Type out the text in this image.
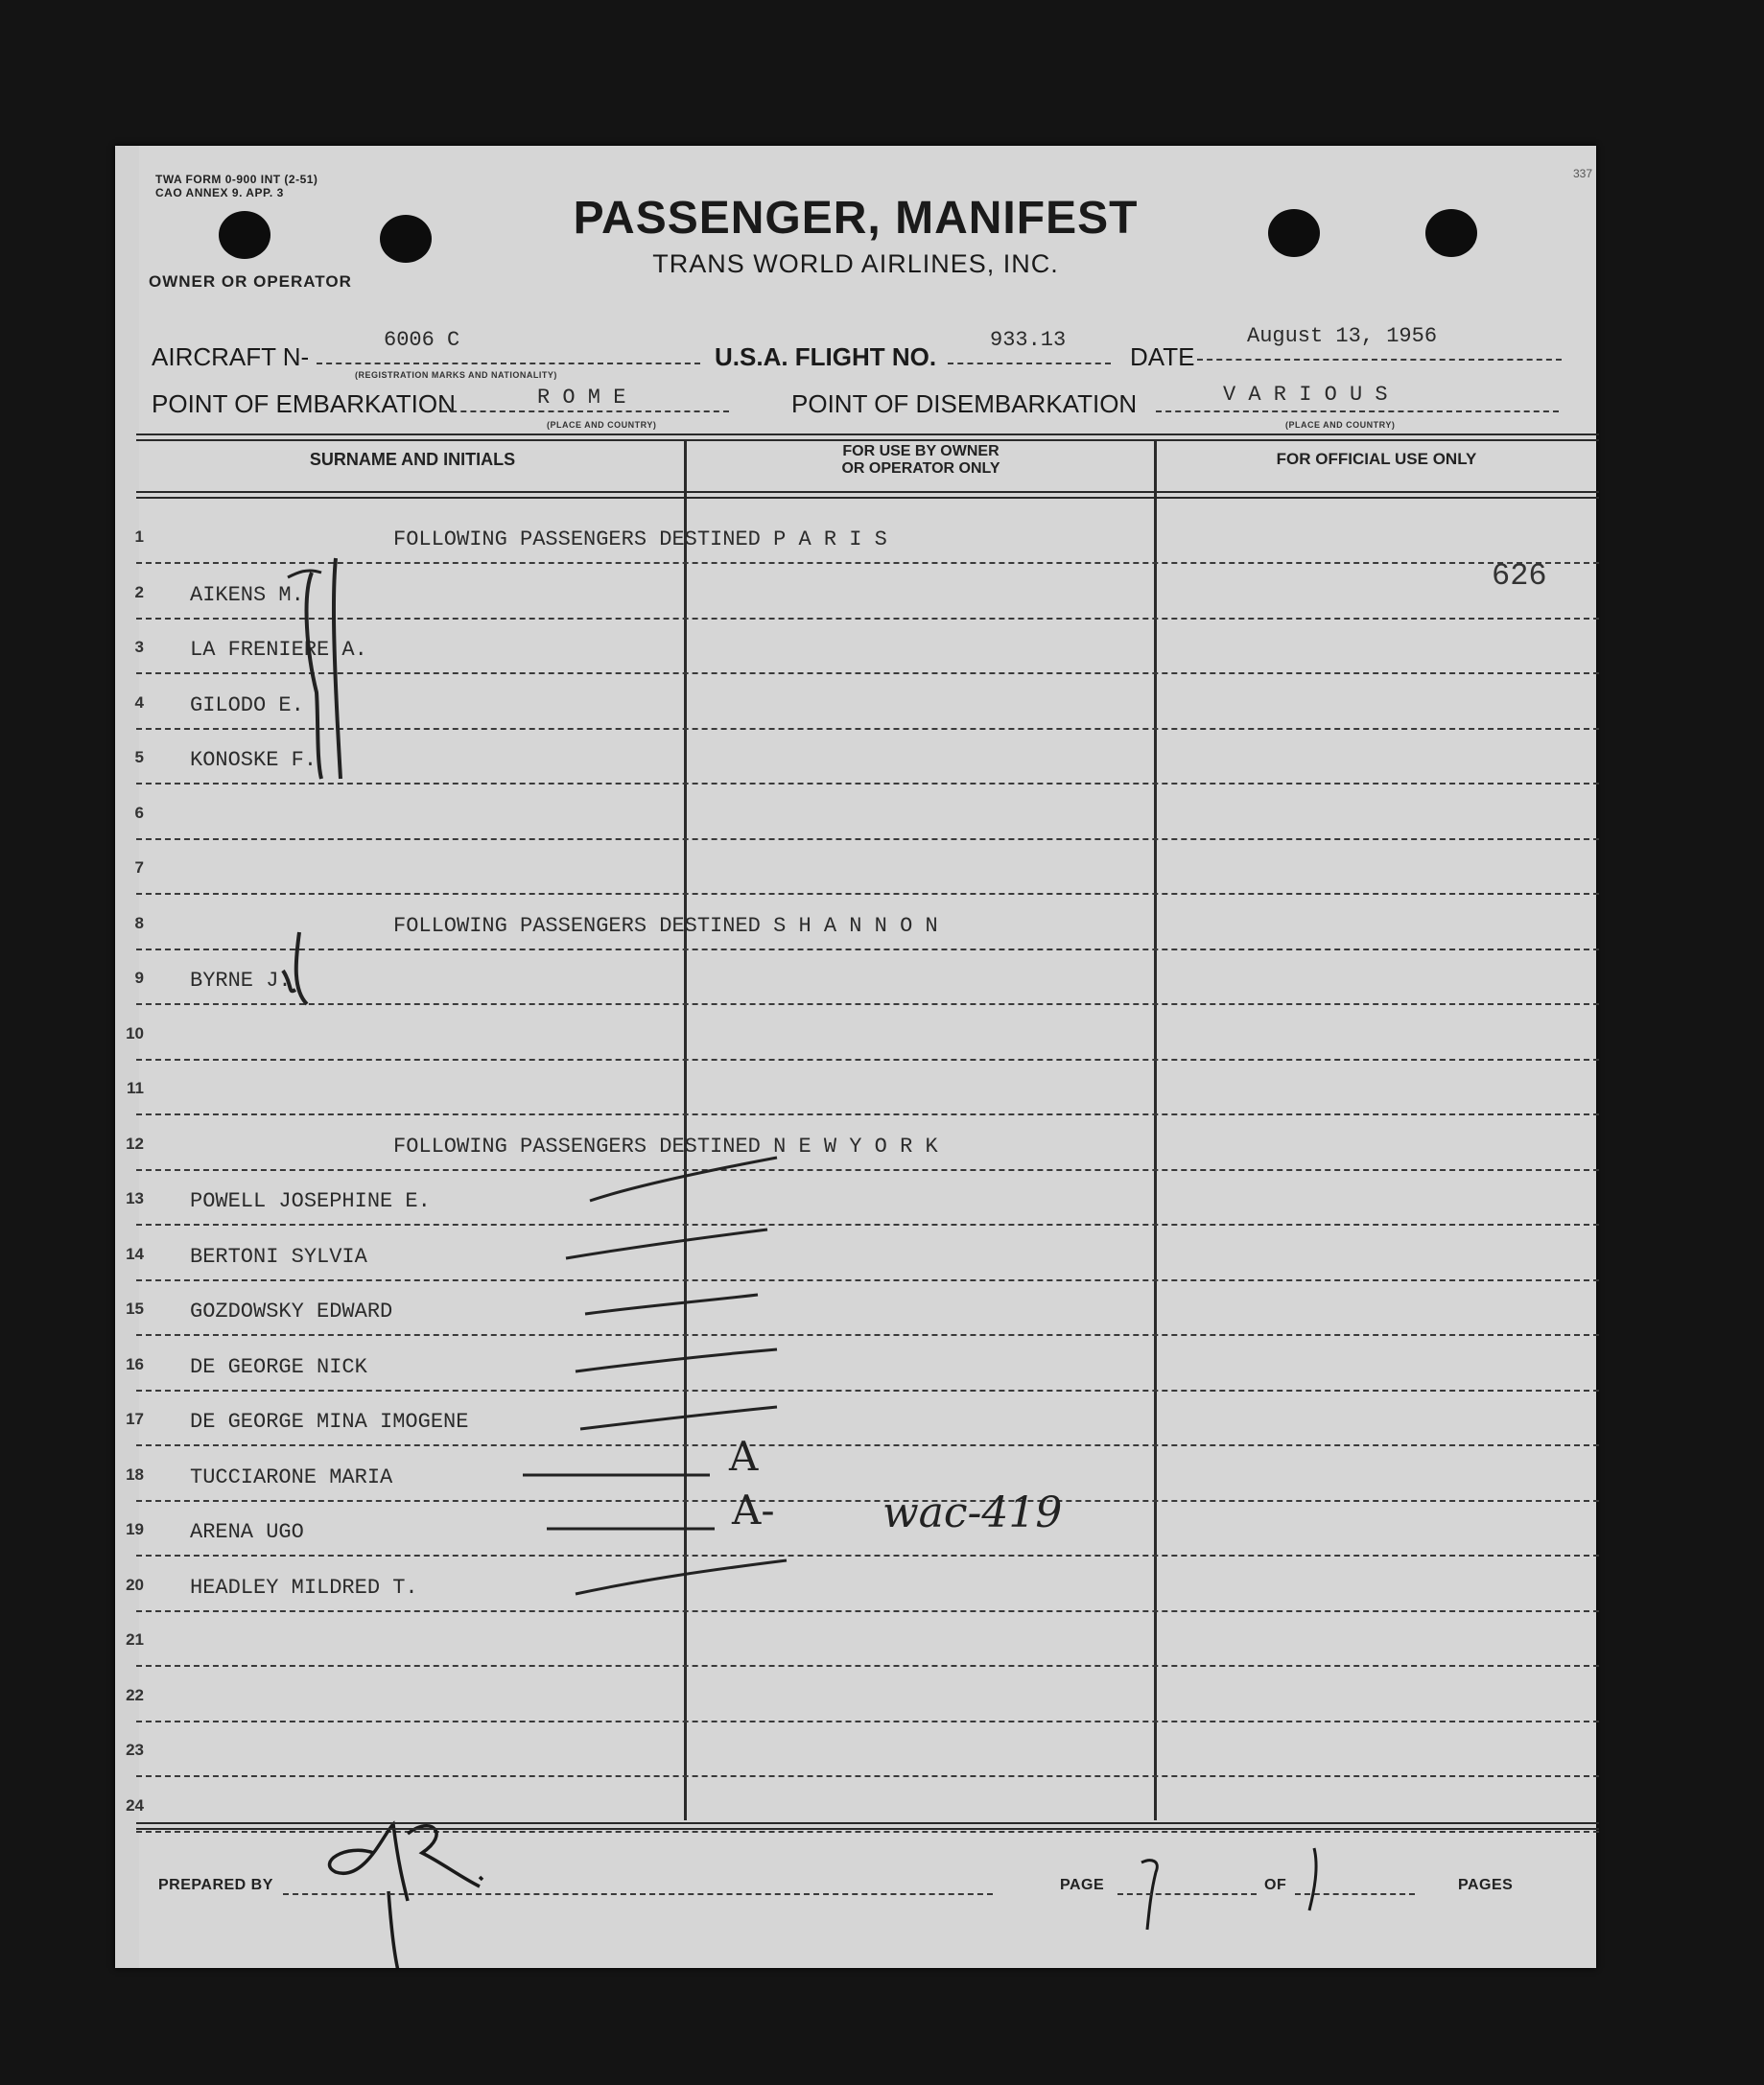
337
TWA FORM 0-900 INT (2-51)
CAO ANNEX 9. APP. 3
OWNER OR OPERATOR
PASSENGER, MANIFEST
TRANS WORLD AIRLINES, INC.
AIRCRAFT N-
6006 C
(REGISTRATION MARKS AND NATIONALITY)
U.S.A. FLIGHT NO.
933.13
DATE
August 13, 1956
POINT OF EMBARKATION	R O M E
(PLACE AND COUNTRY)
POINT OF DISEMBARKATION	V A R I O U S
(PLACE AND COUNTRY)
SURNAME AND INITIALS	FOR USE BY OWNER
OR OPERATOR ONLY
FOR OFFICIAL USE ONLY
1	FOLLOWING PASSENGERS DESTINED P A R I S
2 AIKENS M.
3 LA FRENIERE A.
4 GILODO E.
5 KONOSKE F.
6
7
8	FOLLOWING PASSENGERS DESTINED S H A N N O N
9 BYRNE J.
10
11
12	FOLLOWING PASSENGERS DESTINED N E W Y O R K
13 POWELL JOSEPHINE E.
14 BERTONI SYLVIA
15 GOZDOWSKY EDWARD
16 DE GEORGE NICK
17 DE GEORGE MINA IMOGENE
18 TUCCIARONE MARIA
19 ARENA UGO
20 HEADLEY MILDRED T.
21
22
23
24
626
A
A-	wac-419
PREPARED BY	PAGE	OF	PAGES
